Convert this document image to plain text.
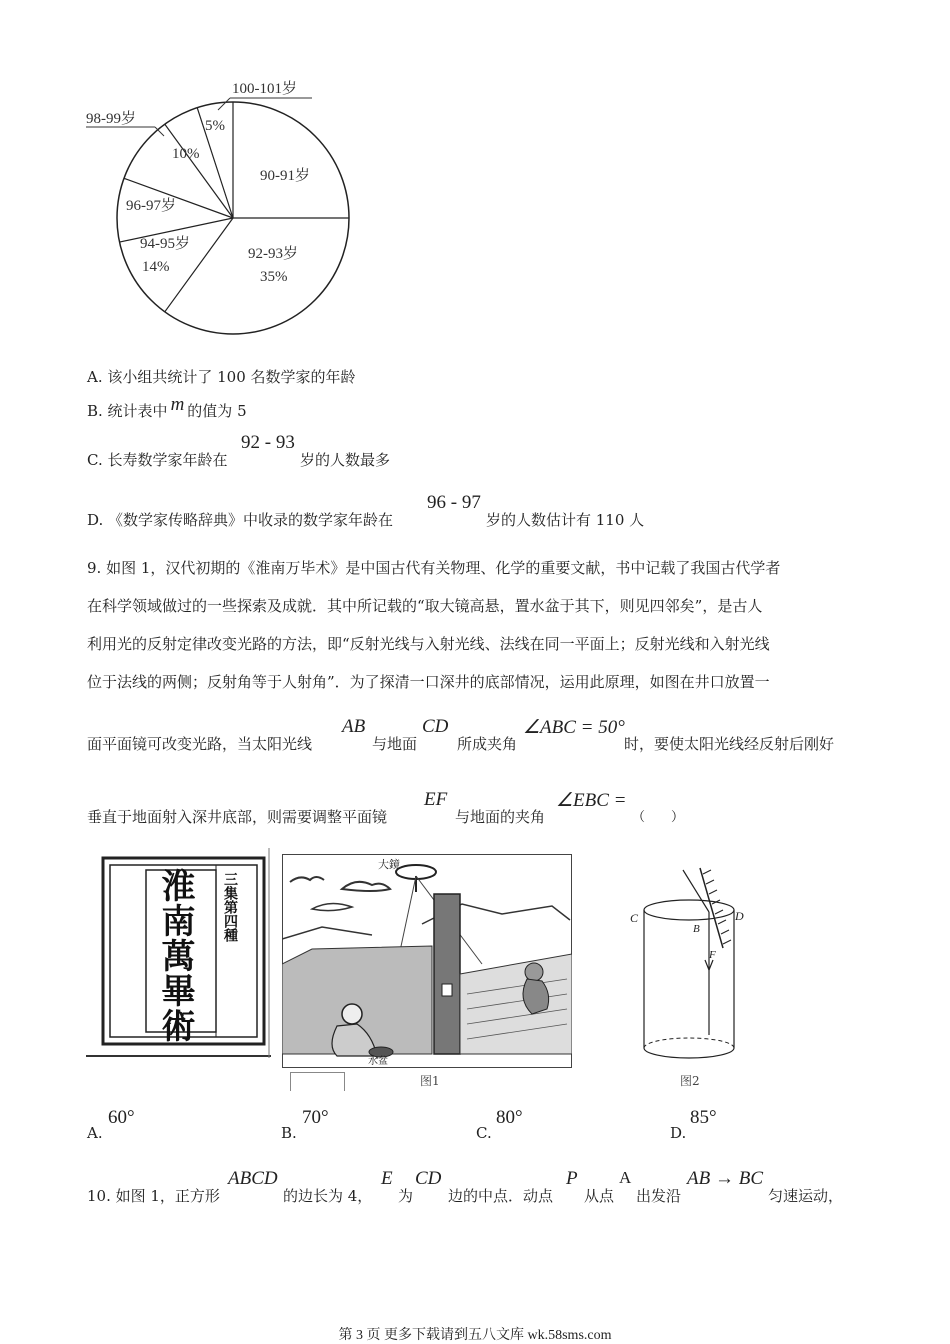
100-101岁
98-99岁	5%
10%
90-91岁
96-97岁
94-95岁
14%
92-93岁
35%
A. 该小组共统计了 100 名数学家的年龄
B. 统计表中 m 的值为 5
C. 长寿数学家年龄在
92 - 93
岁的人数最多
D. 《数学家传略辞典》中收录的数学家年龄在
96 - 97
岁的人数估计有 110 人
9. 如图 1，汉代初期的《淮南万毕术》是中国古代有关物理、化学的重要文献，书中记载了我国古代学者
在科学领域做过的一些探索及成就．其中所记载的“取大镜高悬，置水盆于其下，则见四邻矣”，是古人
利用光的反射定律改变光路的方法，即“反射光线与入射光线、法线在同一平面上；反射光线和入射光线
位于法线的两侧；反射角等于人射角”．为了探清一口深井的底部情况，运用此原理，如图在井口放置一
面平面镜可改变光路，当太阳光线
AB
与地面
CD
所成夹角
∠ABC = 50°
时，要使太阳光线经反射后刚好
垂直于地面射入深井底部，则需要调整平面镜
EF
与地面的夹角
∠EBC =
（　　）
淮南萬畢術 三集第四種
大鏡
水盆
图1
C	D
B
F
图2
A.
60°
B.
70°
C.
80°
D.
85°
10. 如图 1，正方形
ABCD
的边长为 4，
E
为
CD
边的中点．动点
P
从点
A
出发沿
AB → BC
匀速运动，
第 3 页 更多下载请到五八文库 wk.58sms.com
